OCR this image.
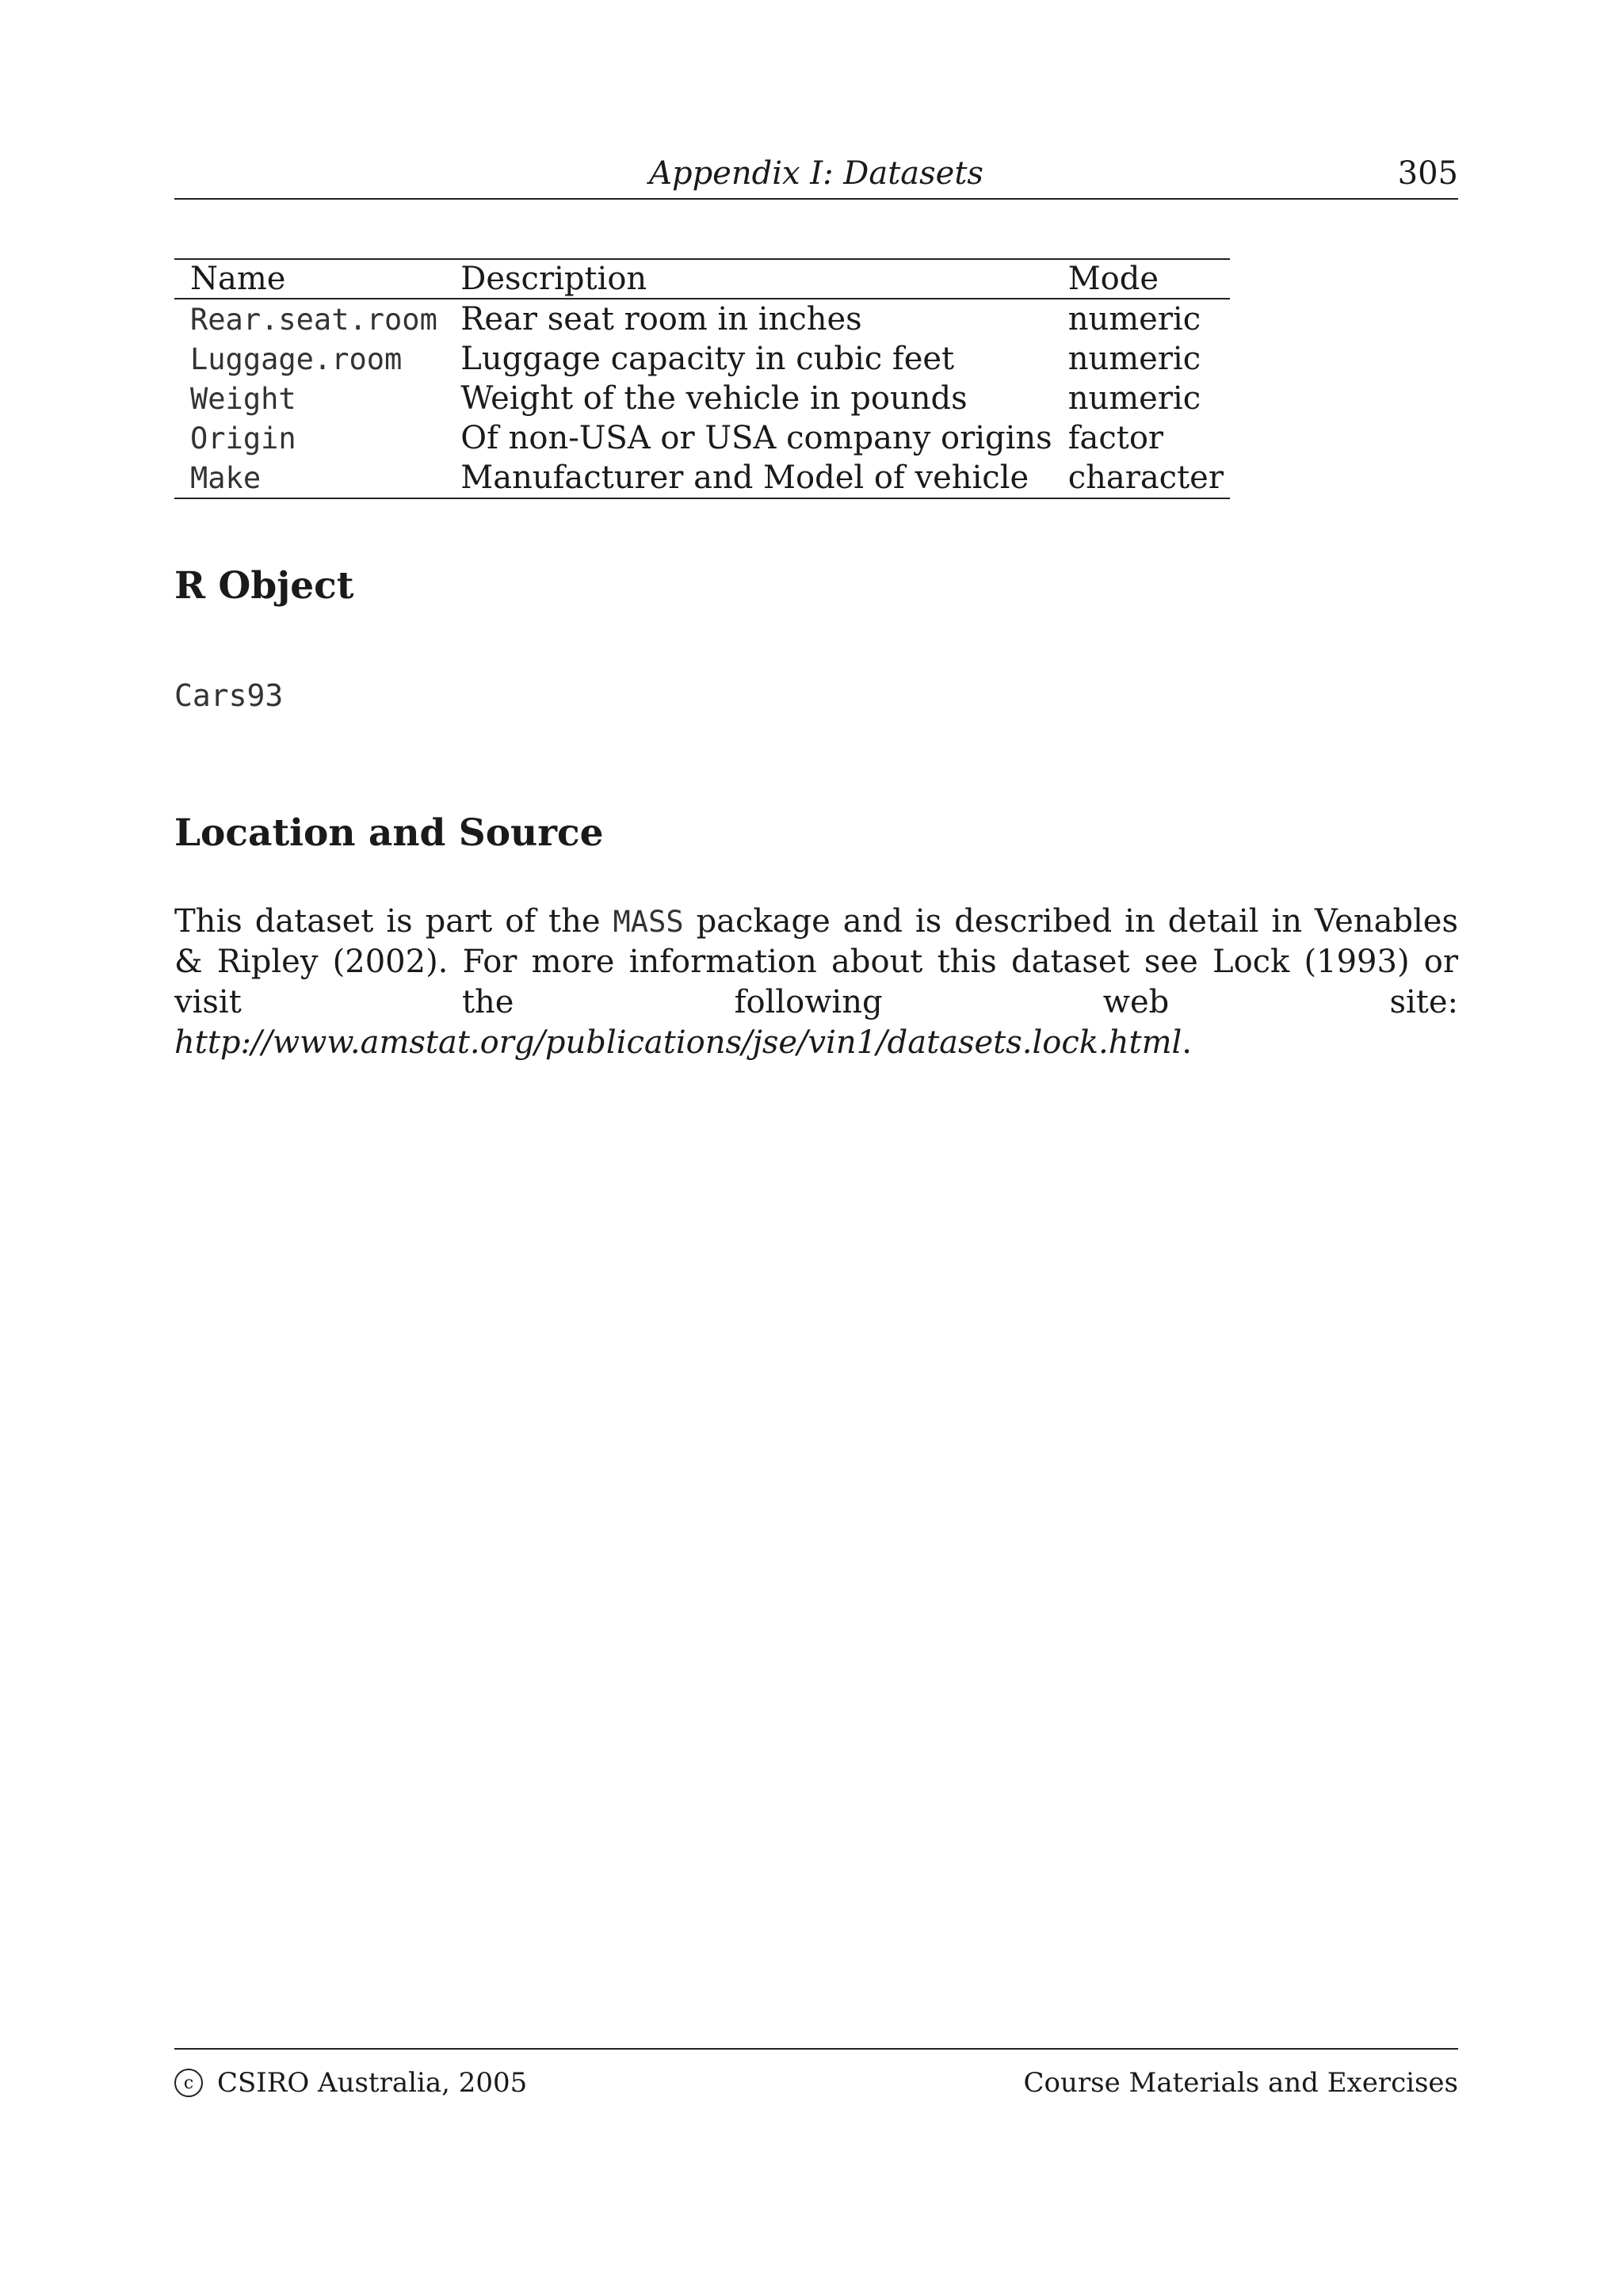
Appendix I: Datasets	305
Name	Description	Mode
Rear.seat.room	Rear seat room in inches	numeric
Luggage.room	Luggage capacity in cubic feet	numeric
Weight	Weight of the vehicle in pounds	numeric
Origin	Of non-USA or USA company origins	factor
Make	Manufacturer and Model of vehicle	character
R Object
Cars93
Location and Source

This dataset is part of the MASS package and is described in detail in Venables & Ripley (2002). For more information about this dataset see Lock (1993) or visit the following web site: http://www.amstat.org/publications/jse/vin1/datasets.lock.html.

c CSIRO Australia, 2005	Course Materials and Exercises
